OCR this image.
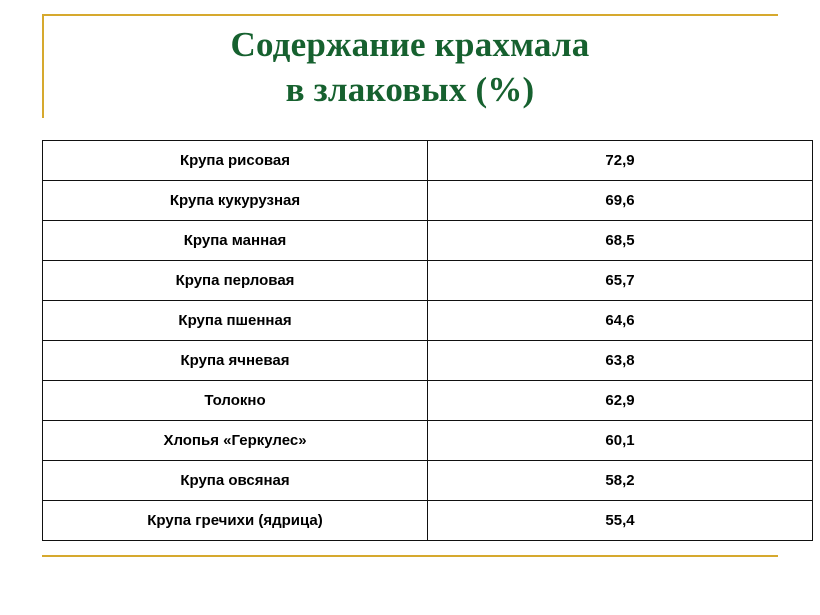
Содержание крахмала
в злаковых (%)
Крупа рисовая	72,9
Крупа кукурузная	69,6
Крупа манная	68,5
Крупа перловая	65,7
Крупа пшенная	64,6
Крупа ячневая	63,8
Толокно	62,9
Хлопья «Геркулес»	60,1
Крупа овсяная	58,2
Крупа гречихи (ядрица)	55,4
